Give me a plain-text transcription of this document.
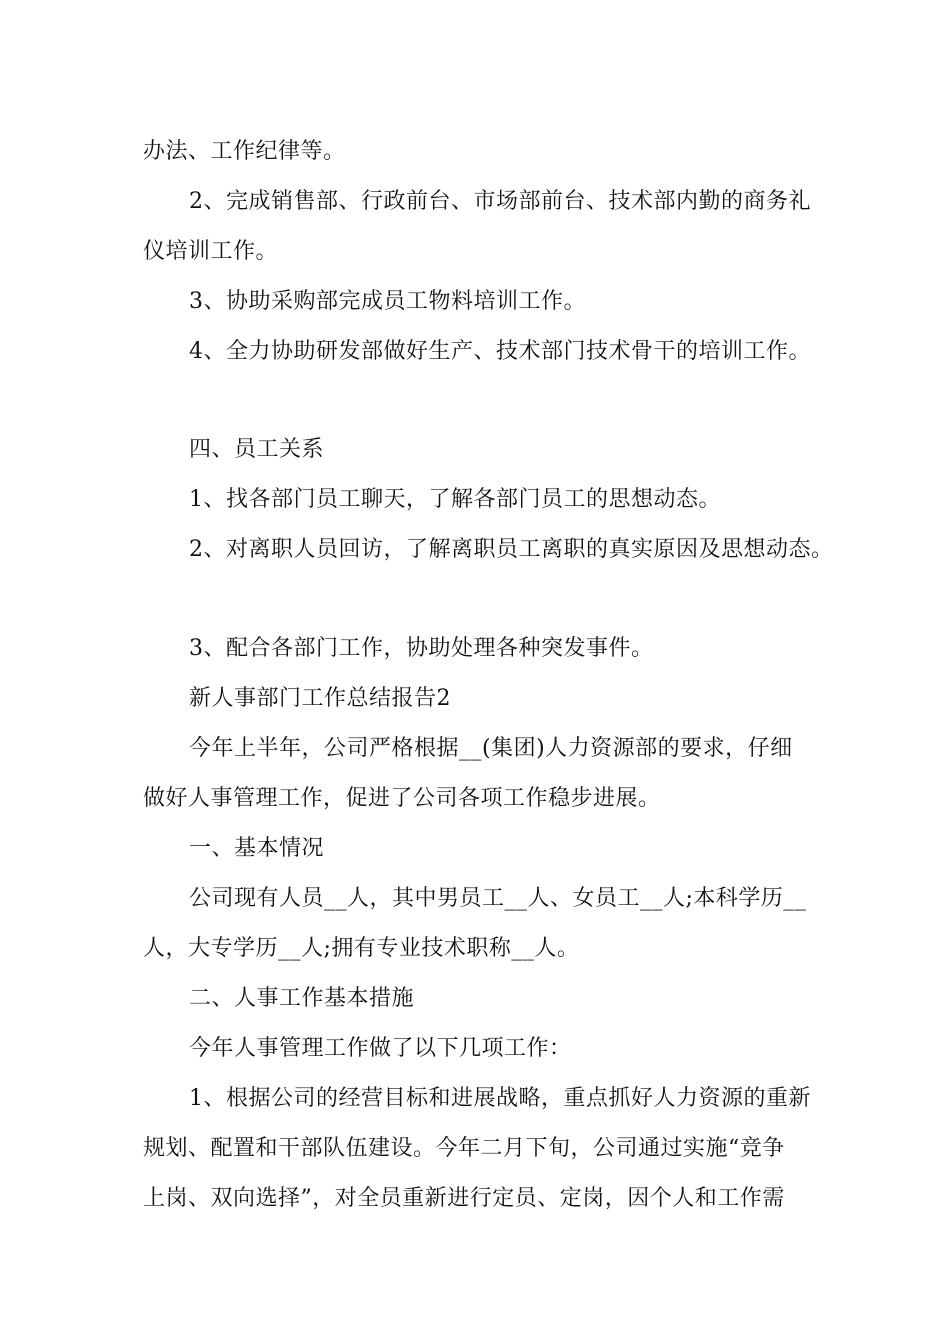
办法、工作纪律等。
2、完成销售部、行政前台、市场部前台、技术部内勤的商务礼
仪培训工作。
3、协助采购部完成员工物料培训工作。
4、全力协助研发部做好生产、技术部门技术骨干的培训工作。
四、员工关系
1、找各部门员工聊天，了解各部门员工的思想动态。
2、对离职人员回访，了解离职员工离职的真实原因及思想动态。
3、配合各部门工作，协助处理各种突发事件。
新人事部门工作总结报告2
今年上半年，公司严格根据__(集团)人力资源部的要求，仔细
做好人事管理工作，促进了公司各项工作稳步进展。
一、基本情况
公司现有人员__人，其中男员工__人、女员工__人;本科学历__
人，大专学历__人;拥有专业技术职称__人。
二、人事工作基本措施
今年人事管理工作做了以下几项工作：
1、根据公司的经营目标和进展战略，重点抓好人力资源的重新
规划、配置和干部队伍建设。今年二月下旬，公司通过实施“竞争
上岗、双向选择”，对全员重新进行定员、定岗，因个人和工作需
